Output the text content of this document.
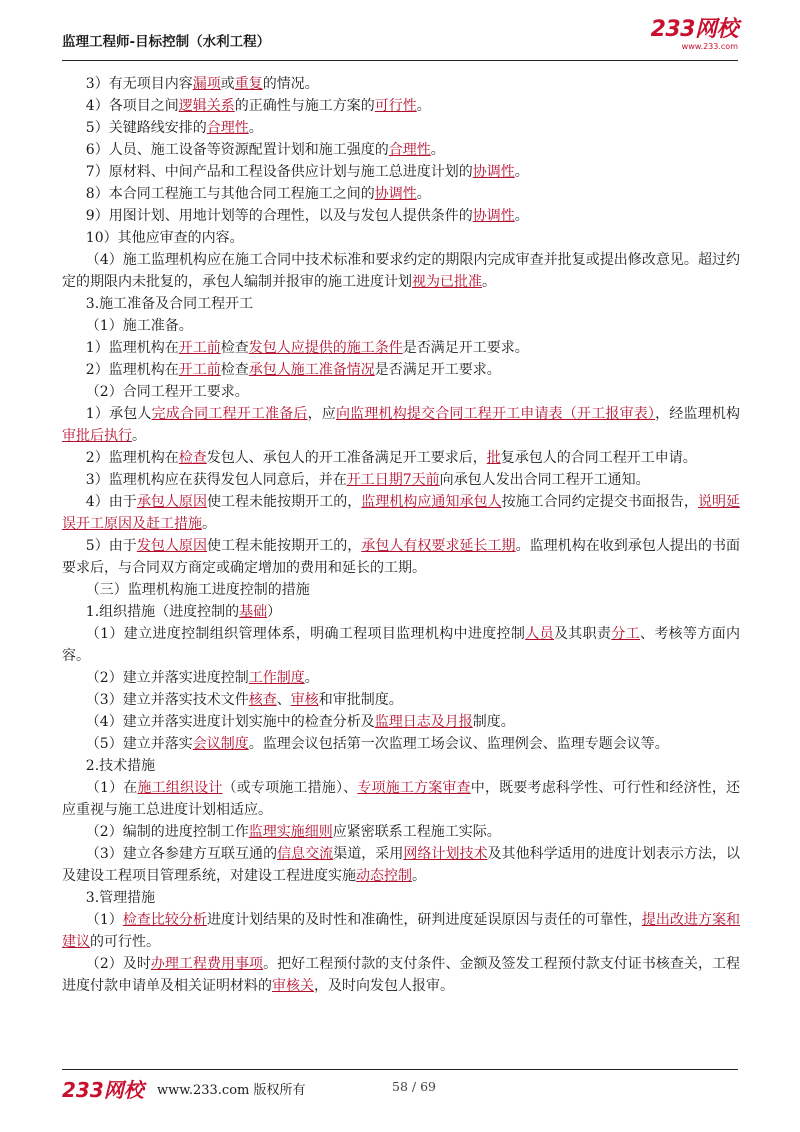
监理工程师-目标控制（水利工程）	233网校
www.233.com

3）有无项目内容漏项或重复的情况。

4）各项目之间逻辑关系的正确性与施工方案的可行性。

5）关键路线安排的合理性。

6）人员、施工设备等资源配置计划和施工强度的合理性。

7）原材料、中间产品和工程设备供应计划与施工总进度计划的协调性。

8）本合同工程施工与其他合同工程施工之间的协调性。

9）用图计划、用地计划等的合理性，以及与发包人提供条件的协调性。

10）其他应审查的内容。

（4）施工监理机构应在施工合同中技术标准和要求约定的期限内完成审查并批复或提出修改意见。超过约定的期限内未批复的，承包人编制并报审的施工进度计划视为已批准。

3.施工准备及合同工程开工

（1）施工准备。

1）监理机构在开工前检查发包人应提供的施工条件是否满足开工要求。

2）监理机构在开工前检查承包人施工准备情况是否满足开工要求。

（2）合同工程开工要求。

1）承包人完成合同工程开工准备后，应向监理机构提交合同工程开工申请表（开工报审表），经监理机构审批后执行。

2）监理机构在检查发包人、承包人的开工准备满足开工要求后，批复承包人的合同工程开工申请。

3）监理机构应在获得发包人同意后，并在开工日期7天前向承包人发出合同工程开工通知。

4）由于承包人原因使工程未能按期开工的，监理机构应通知承包人按施工合同约定提交书面报告，说明延误开工原因及赶工措施。

5）由于发包人原因使工程未能按期开工的，承包人有权要求延长工期。监理机构在收到承包人提出的书面要求后，与合同双方商定或确定增加的费用和延长的工期。

（三）监理机构施工进度控制的措施

1.组织措施（进度控制的基础）

（1）建立进度控制组织管理体系，明确工程项目监理机构中进度控制人员及其职责分工、考核等方面内容。

（2）建立并落实进度控制工作制度。

（3）建立并落实技术文件核查、审核和审批制度。

（4）建立并落实进度计划实施中的检查分析及监理日志及月报制度。

（5）建立并落实会议制度。监理会议包括第一次监理工场会议、监理例会、监理专题会议等。

2.技术措施

（1）在施工组织设计（或专项施工措施）、专项施工方案审查中，既要考虑科学性、可行性和经济性，还应重视与施工总进度计划相适应。

（2）编制的进度控制工作监理实施细则应紧密联系工程施工实际。

（3）建立各参建方互联互通的信息交流渠道，采用网络计划技术及其他科学适用的进度计划表示方法，以及建设工程项目管理系统，对建设工程进度实施动态控制。

3.管理措施

（1）检查比较分析进度计划结果的及时性和准确性，研判进度延误原因与责任的可靠性，提出改进方案和建议的可行性。

（2）及时办理工程费用事项。把好工程预付款的支付条件、金额及签发工程预付款支付证书核查关，工程进度付款申请单及相关证明材料的审核关，及时向发包人报审。

233网校 www.233.com 版权所有	58 / 69
